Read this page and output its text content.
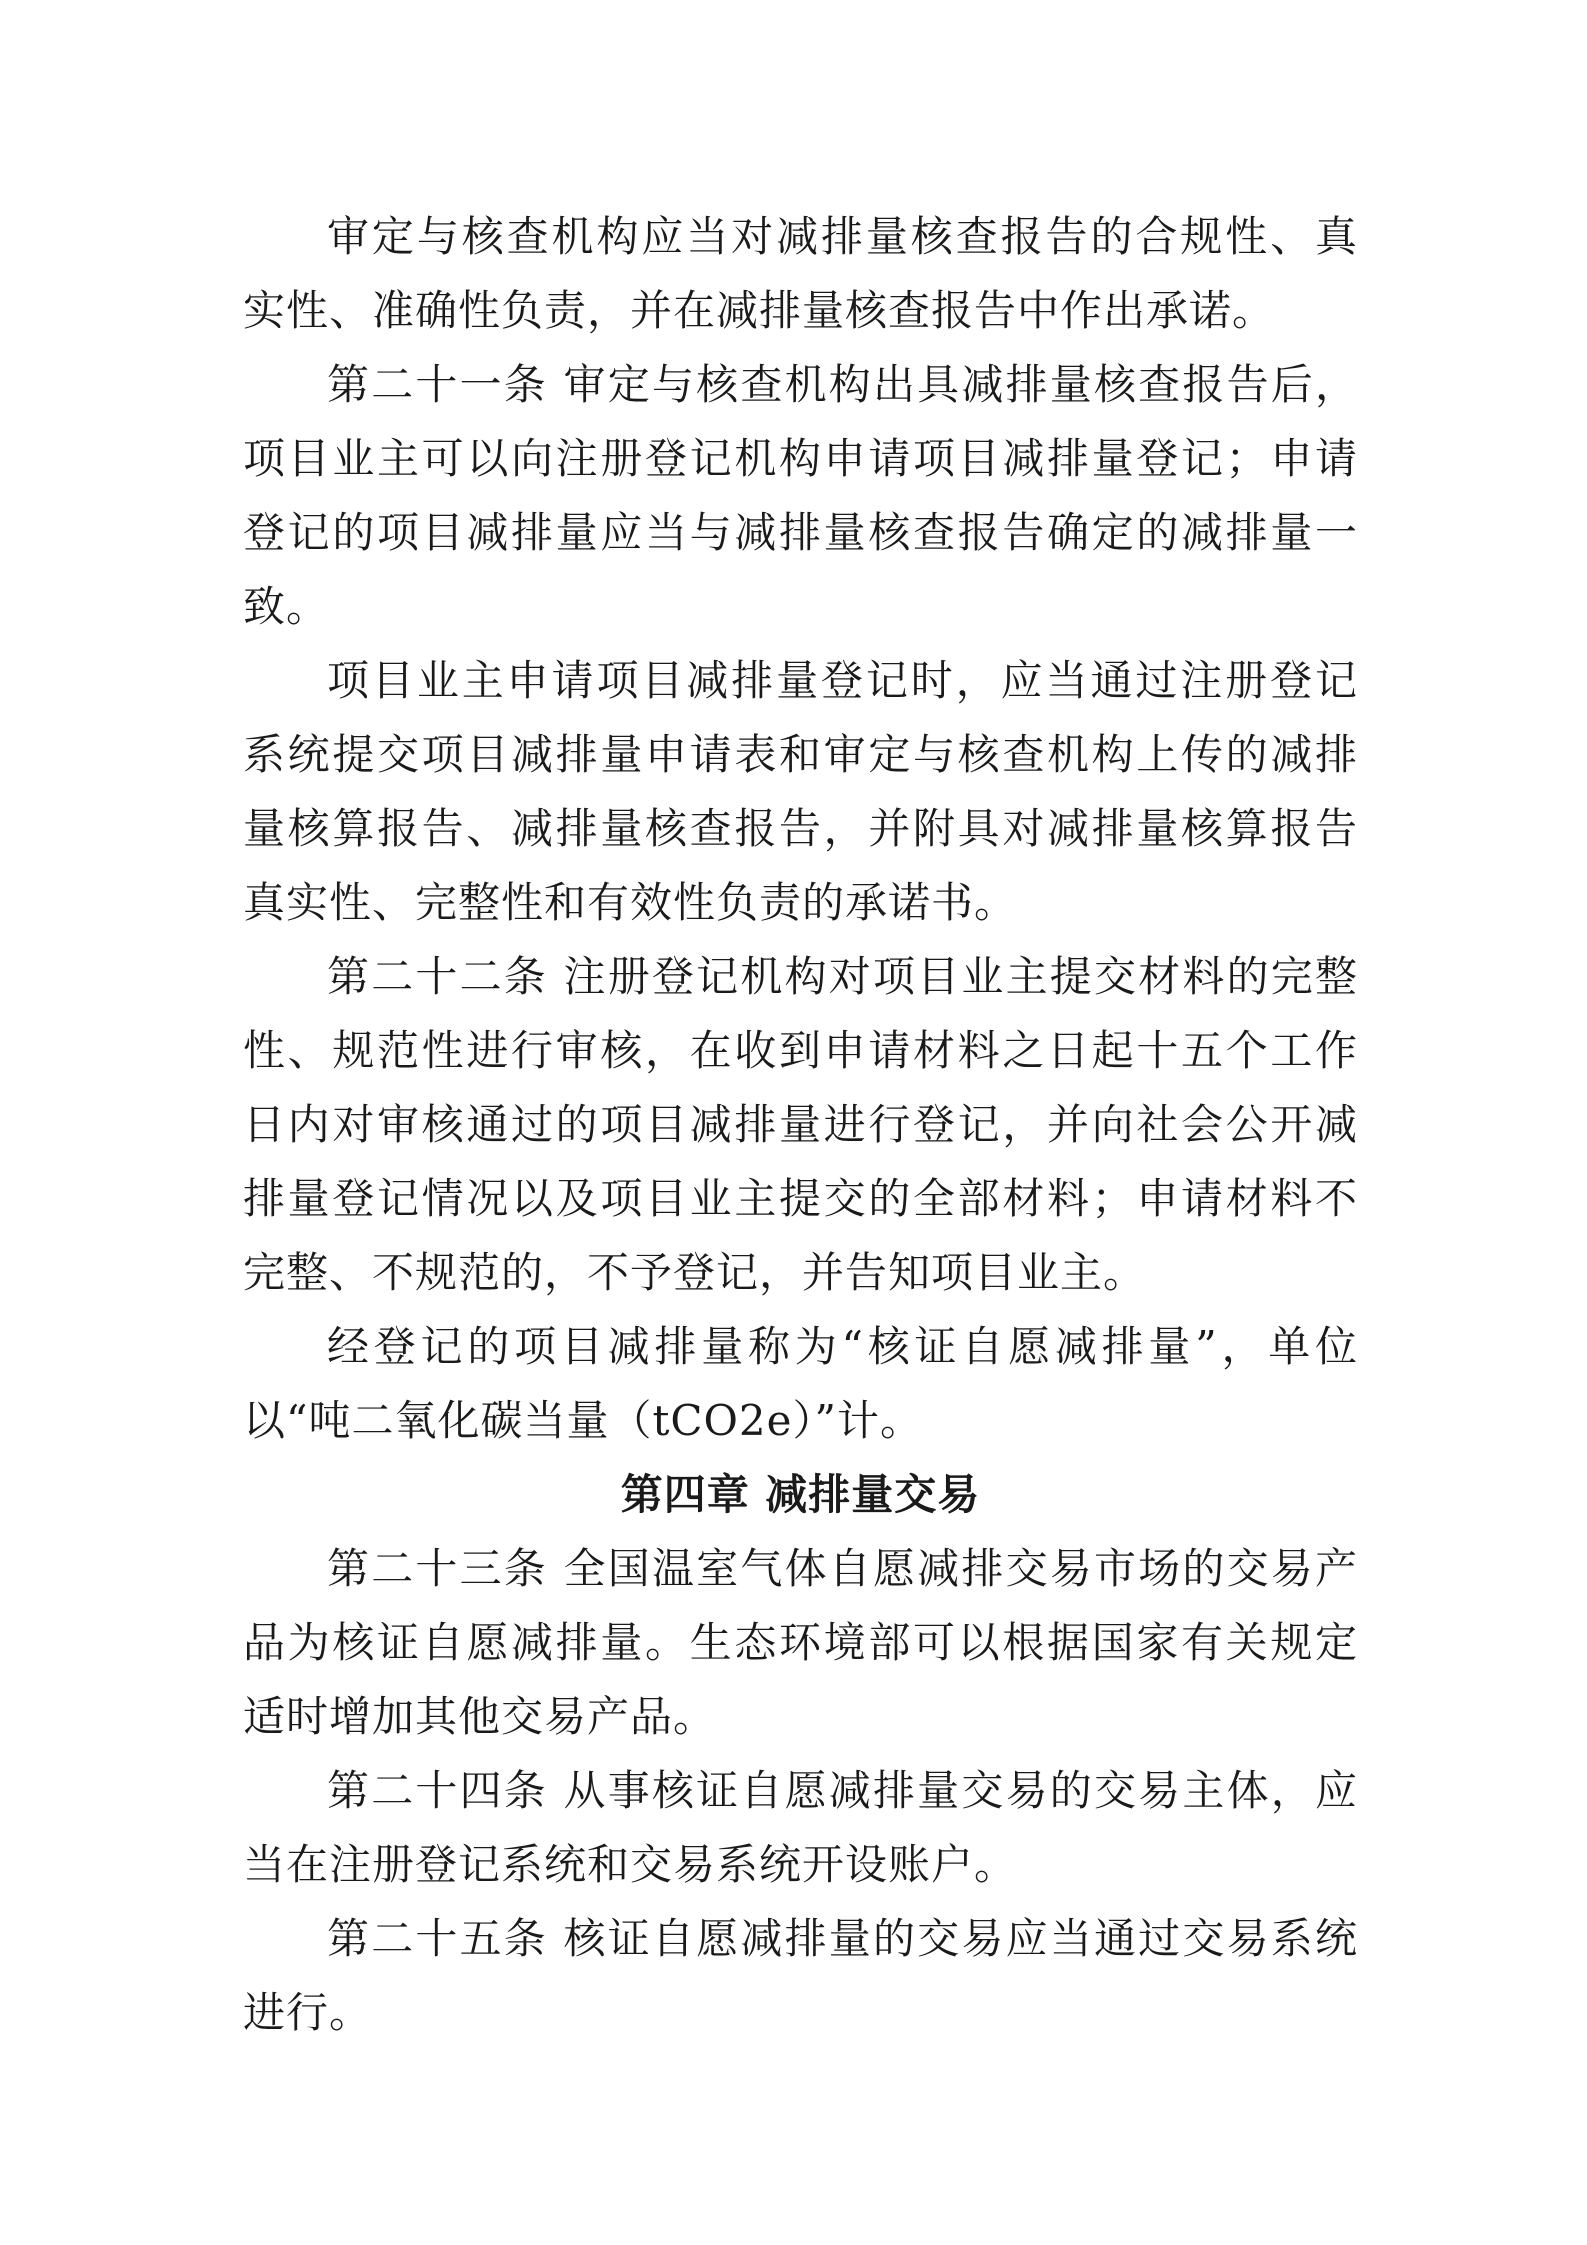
审定与核查机构应当对减排量核查报告的合规性、真实性、准确性负责，并在减排量核查报告中作出承诺。

第二十一条 审定与核查机构出具减排量核查报告后，项目业主可以向注册登记机构申请项目减排量登记；申请登记的项目减排量应当与减排量核查报告确定的减排量一致。

项目业主申请项目减排量登记时，应当通过注册登记系统提交项目减排量申请表和审定与核查机构上传的减排量核算报告、减排量核查报告，并附具对减排量核算报告真实性、完整性和有效性负责的承诺书。

第二十二条 注册登记机构对项目业主提交材料的完整性、规范性进行审核，在收到申请材料之日起十五个工作日内对审核通过的项目减排量进行登记，并向社会公开减排量登记情况以及项目业主提交的全部材料；申请材料不完整、不规范的，不予登记，并告知项目业主。

经登记的项目减排量称为“核证自愿减排量”，单位以“吨二氧化碳当量（tCO2e）”计。

第四章 减排量交易

第二十三条 全国温室气体自愿减排交易市场的交易产品为核证自愿减排量。生态环境部可以根据国家有关规定适时增加其他交易产品。

第二十四条 从事核证自愿减排量交易的交易主体，应当在注册登记系统和交易系统开设账户。

第二十五条 核证自愿减排量的交易应当通过交易系统进行。
